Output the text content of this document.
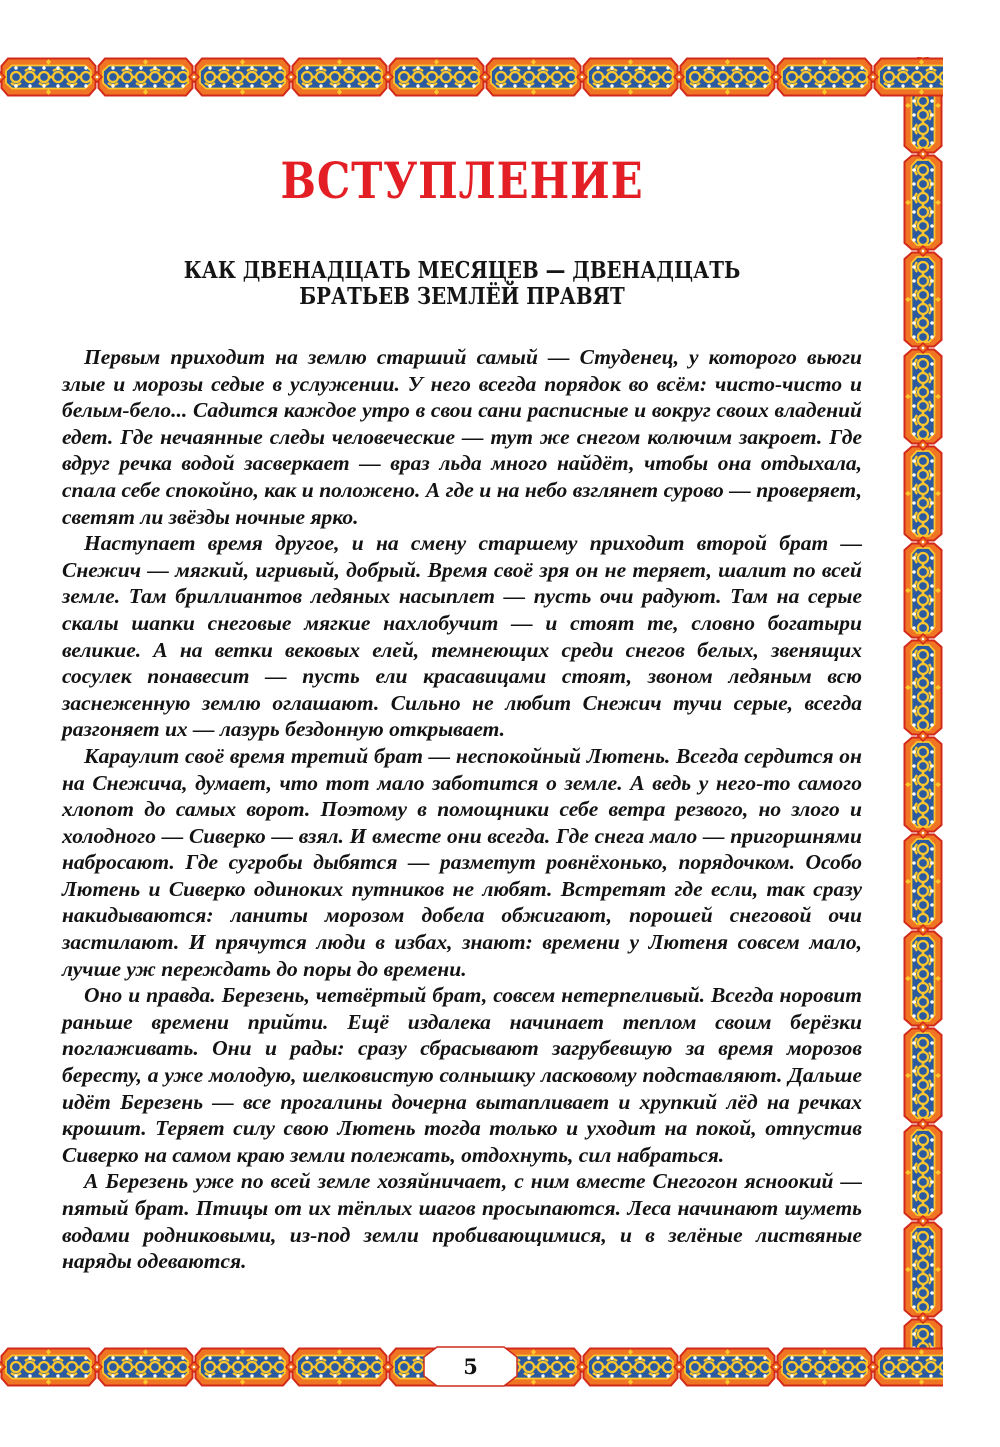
5
ВСТУПЛЕНИЕ
КАК ДВЕНАДЦАТЬ МЕСЯЦЕВ — ДВЕНАДЦАТЬ БРАТЬЕВ ЗЕМЛЁЙ ПРАВЯТ

Первым приходит на землю старший самый — Студенец, у которого вьюги злые и морозы седые в услужении. У него всегда порядок во всём: чисто-чисто и белым-бело... Садится каждое утро в свои сани расписные и вокруг своих владений едет. Где нечаянные следы человеческие — тут же снегом колючим закроет. Где вдруг речка водой засверкает — враз льда много найдёт, чтобы она отдыхала, спала себе спокойно, как и положено. А где и на небо взглянет сурово — проверяет, светят ли звёзды ночные ярко.

Наступает время другое, и на смену старшему приходит второй брат — Снежич — мягкий, игривый, добрый. Время своё зря он не теряет, шалит по всей земле. Там бриллиантов ледяных насыплет — пусть очи радуют. Там на серые скалы шапки снеговые мягкие нахлобучит — и стоят те, словно богатыри великие. А на ветки вековых елей, темнеющих среди снегов белых, звенящих сосулек понавесит — пусть ели красавицами стоят, звоном ледяным всю заснеженную землю оглашают. Сильно не любит Снежич тучи серые, всегда разгоняет их — лазурь бездонную открывает.

Караулит своё время третий брат — неспокойный Лютень. Всегда сердится он на Снежича, думает, что тот мало заботится о земле. А ведь у него-то самого хлопот до самых ворот. Поэтому в помощники себе ветра резвого, но злого и холодного — Сиверко — взял. И вместе они всегда. Где снега мало — пригоршнями набросают. Где сугробы дыбятся — разметут ровнёхонько, порядочком. Особо Лютень и Сиверко одиноких путников не любят. Встретят где если, так сразу накидываются: ланиты морозом добела обжигают, порошей снеговой очи застилают. И прячутся люди в избах, знают: времени у Лютеня совсем мало, лучше уж переждать до поры до времени.

Оно и правда. Березень, четвёртый брат, совсем нетерпеливый. Всегда норовит раньше времени прийти. Ещё издалека начинает теплом своим берёзки поглаживать. Они и рады: сразу сбрасывают загрубевшую за время морозов бересту, а уже молодую, шелковистую солнышку ласковому подставляют. Дальше идёт Березень — все прогалины дочерна вытапливает и хрупкий лёд на речках крошит. Теряет силу свою Лютень тогда только и уходит на покой, отпустив Сиверко на самом краю земли полежать, отдохнуть, сил набраться.

А Березень уже по всей земле хозяйничает, с ним вместе Снегогон ясноокий — пятый брат. Птицы от их тёплых шагов просыпаются. Леса начинают шуметь водами родниковыми, из-под земли пробивающимися, и в зелёные листвяные наряды одеваются.
